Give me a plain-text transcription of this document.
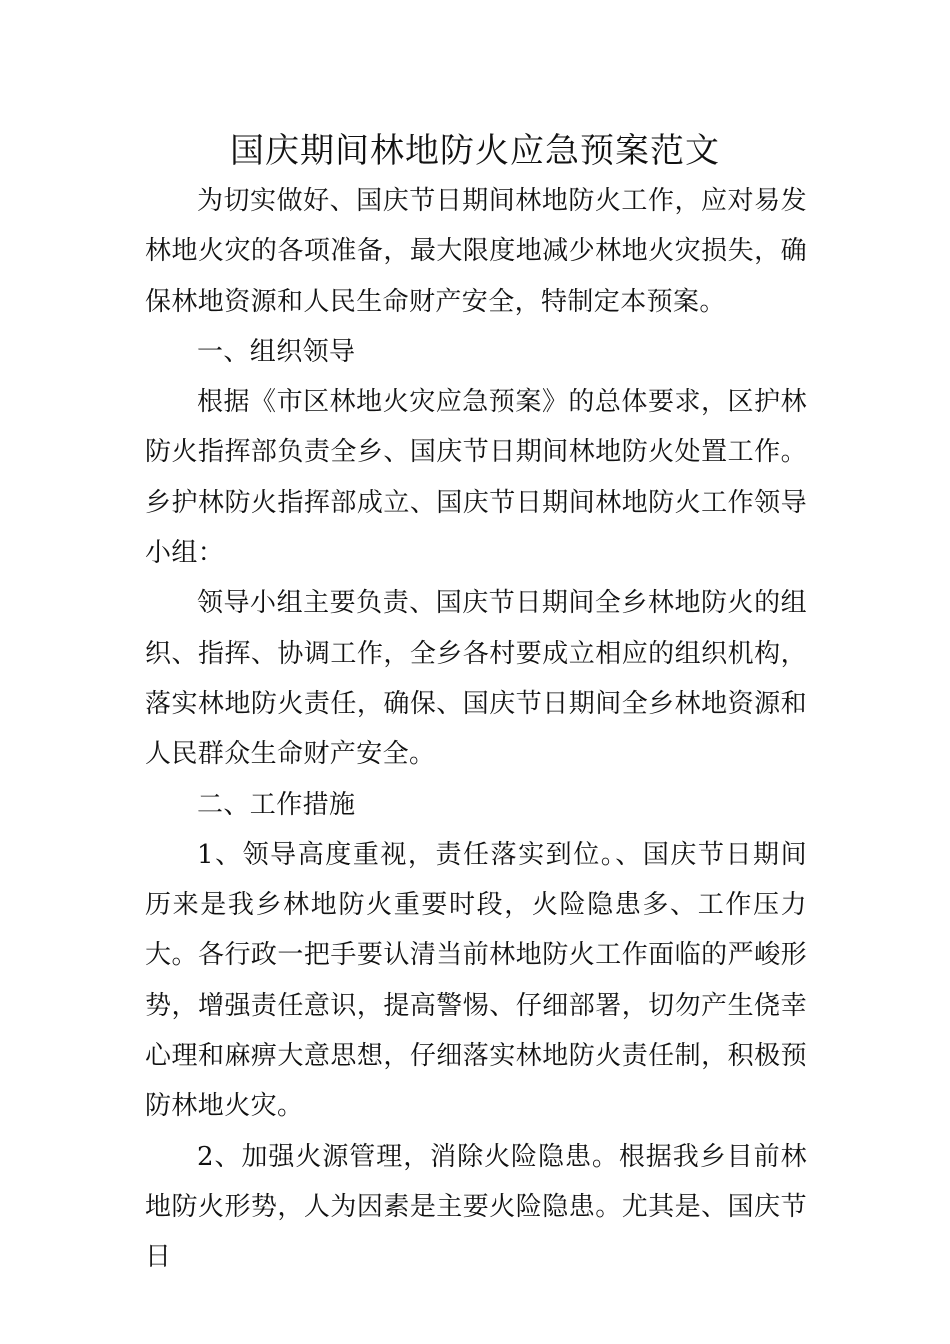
国庆期间林地防火应急预案范文

为切实做好、国庆节日期间林地防火工作，应对易发林地火灾的各项准备，最大限度地减少林地火灾损失，确保林地资源和人民生命财产安全，特制定本预案。

一、组织领导

根据《市区林地火灾应急预案》的总体要求，区护林防火指挥部负责全乡、国庆节日期间林地防火处置工作。乡护林防火指挥部成立、国庆节日期间林地防火工作领导小组：

领导小组主要负责、国庆节日期间全乡林地防火的组织、指挥、协调工作，全乡各村要成立相应的组织机构，落实林地防火责任，确保、国庆节日期间全乡林地资源和人民群众生命财产安全。

二、工作措施

1、领导高度重视，责任落实到位。、国庆节日期间历来是我乡林地防火重要时段，火险隐患多、工作压力大。各行政一把手要认清当前林地防火工作面临的严峻形势，增强责任意识，提高警惕、仔细部署，切勿产生侥幸心理和麻痹大意思想，仔细落实林地防火责任制，积极预防林地火灾。

2、加强火源管理，消除火险隐患。根据我乡目前林地防火形势，人为因素是主要火险隐患。尤其是、国庆节日
